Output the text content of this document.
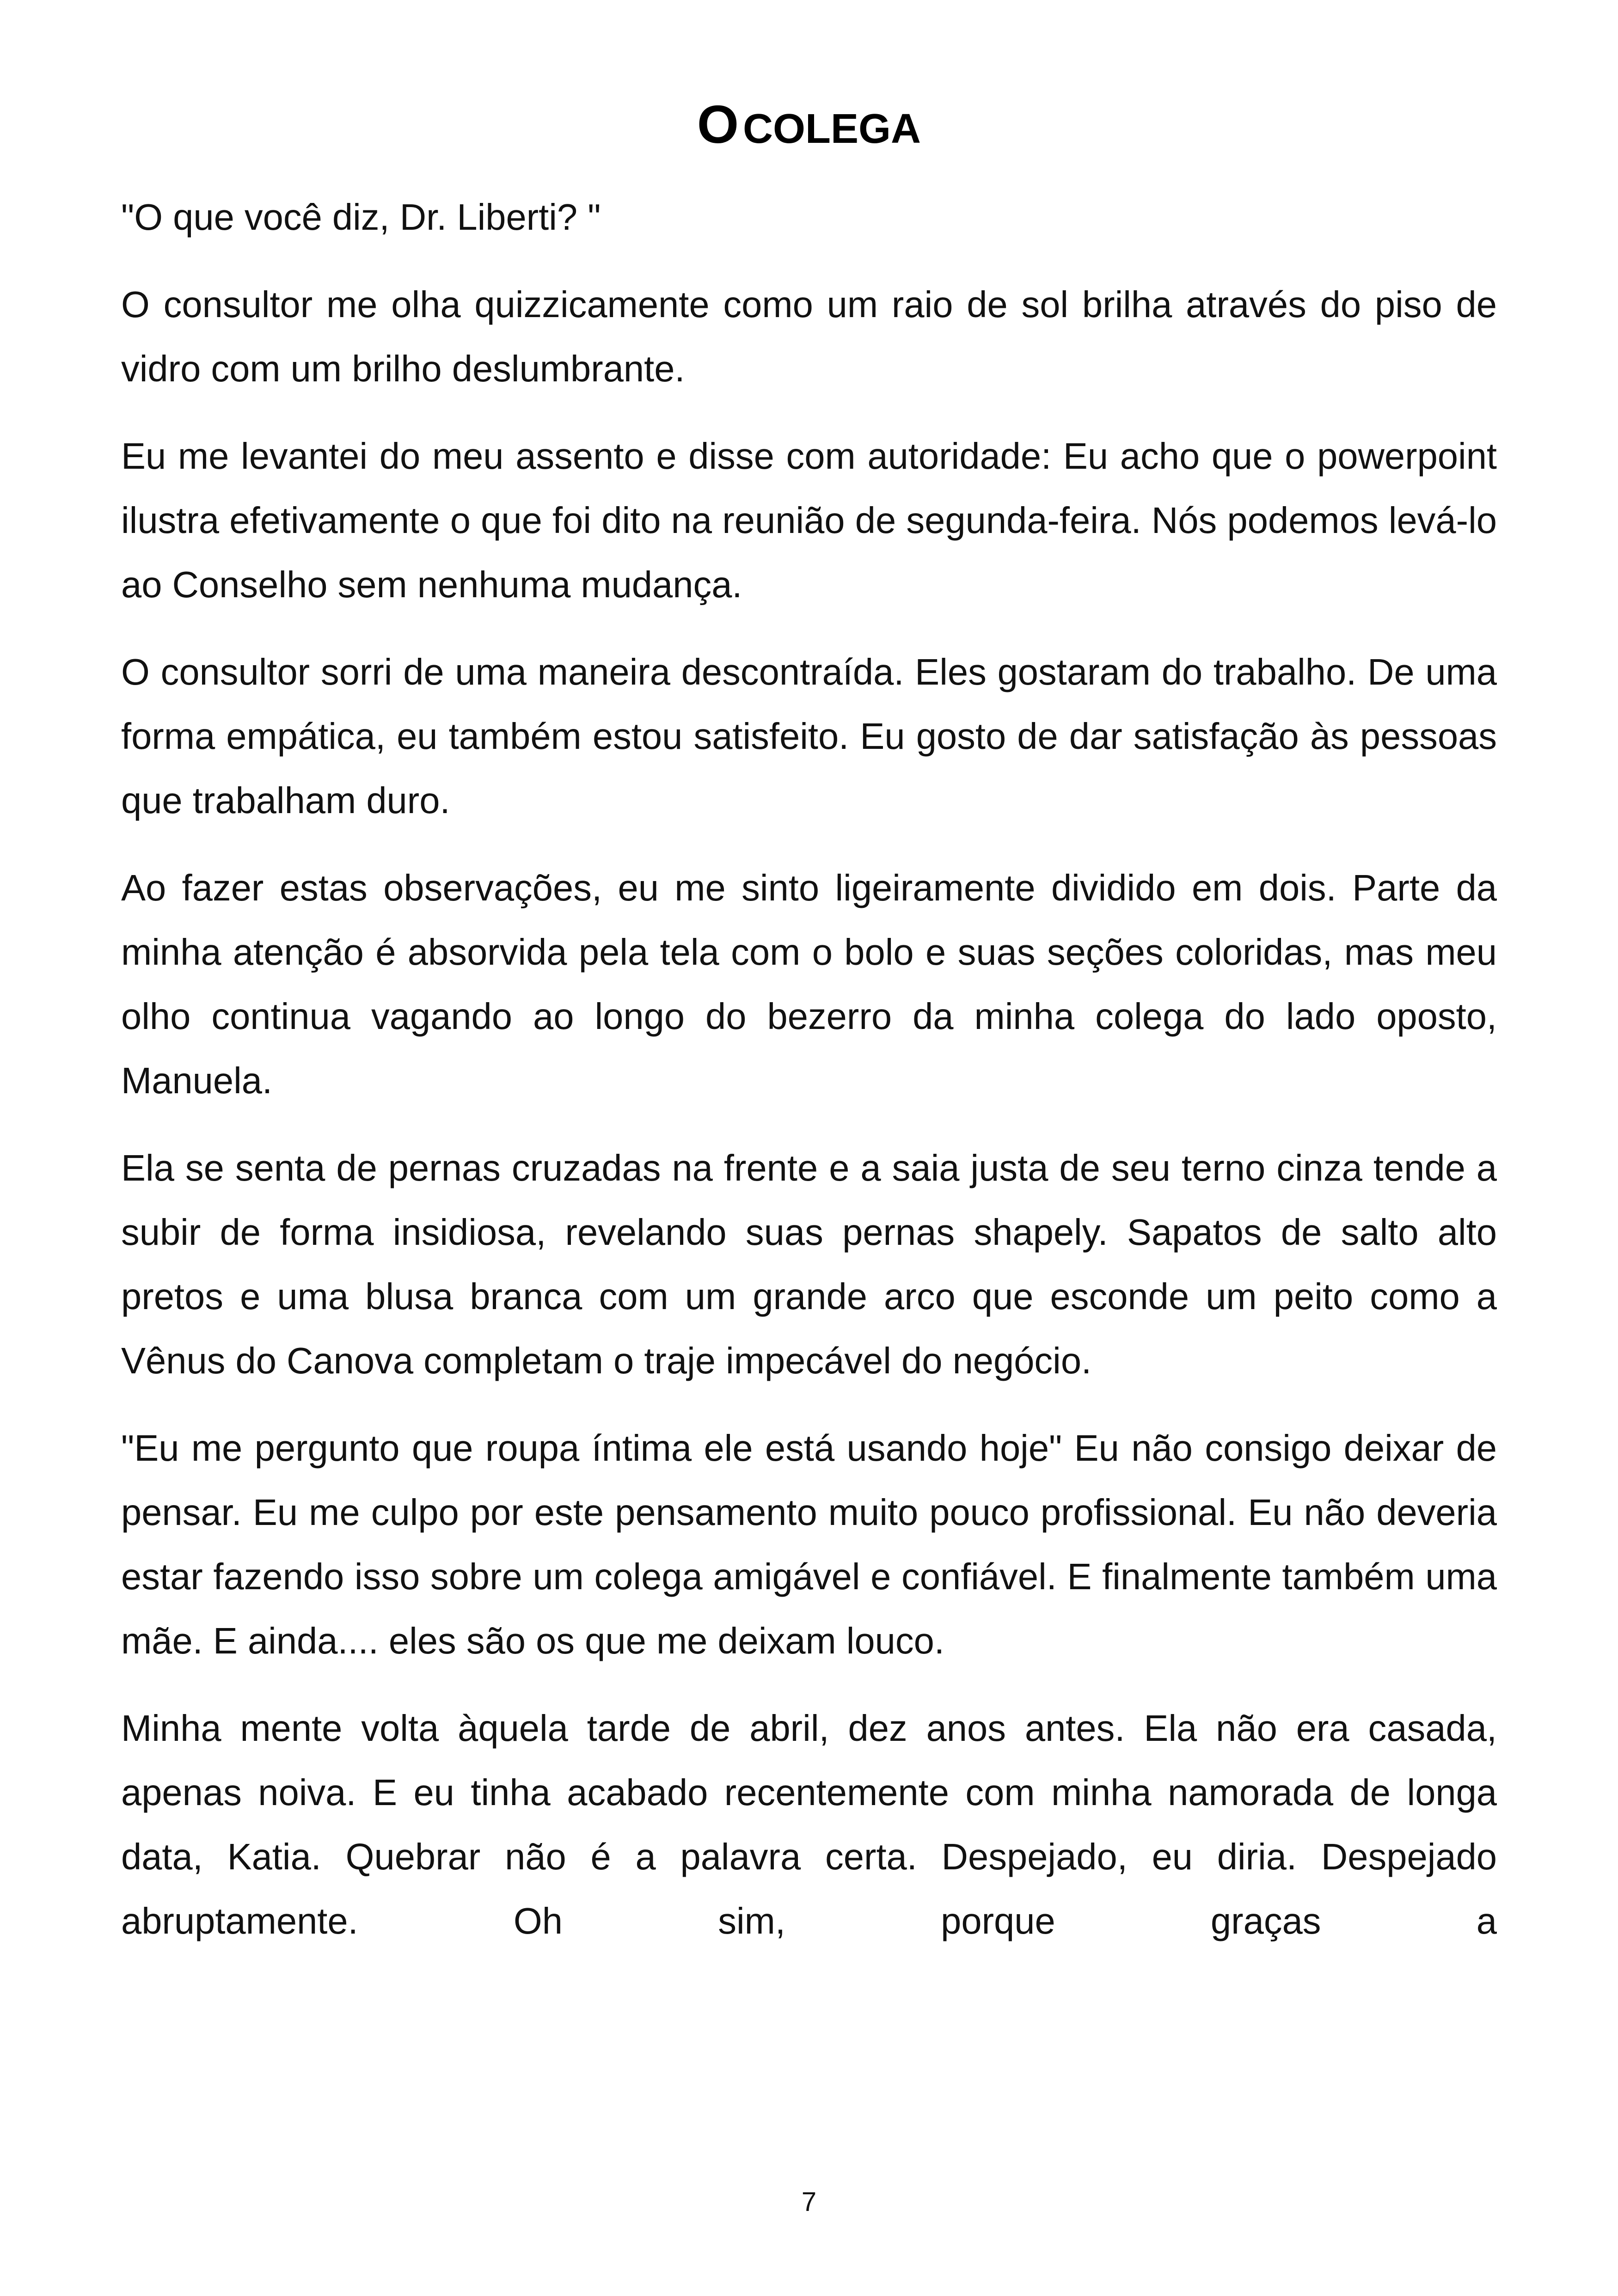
O COLEGA

"O que você diz, Dr. Liberti? "

O consultor me olha quizzicamente como um raio de sol brilha através do piso de vidro com um brilho deslumbrante.

Eu me levantei do meu assento e disse com autoridade: Eu acho que o powerpoint ilustra efetivamente o que foi dito na reunião de segunda-feira. Nós podemos levá-lo ao Conselho sem nenhuma mudança.

O consultor sorri de uma maneira descontraída. Eles gostaram do trabalho. De uma forma empática, eu também estou satisfeito. Eu gosto de dar satisfação às pessoas que trabalham duro.

Ao fazer estas observações, eu me sinto ligeiramente dividido em dois. Parte da minha atenção é absorvida pela tela com o bolo e suas seções coloridas, mas meu olho continua vagando ao longo do bezerro da minha colega do lado oposto, Manuela.

Ela se senta de pernas cruzadas na frente e a saia justa de seu terno cinza tende a subir de forma insidiosa, revelando suas pernas shapely. Sapatos de salto alto pretos e uma blusa branca com um grande arco que esconde um peito como a Vênus do Canova completam o traje impecável do negócio.

"Eu me pergunto que roupa íntima ele está usando hoje" Eu não consigo deixar de pensar. Eu me culpo por este pensamento muito pouco profissional. Eu não deveria estar fazendo isso sobre um colega amigável e confiável. E finalmente também uma mãe. E ainda.... eles são os que me deixam louco.

Minha mente volta àquela tarde de abril, dez anos antes. Ela não era casada, apenas noiva. E eu tinha acabado recentemente com minha namorada de longa data, Katia. Quebrar não é a palavra certa. Despejado, eu diria. Despejado abruptamente. Oh sim, porque graças a

7
